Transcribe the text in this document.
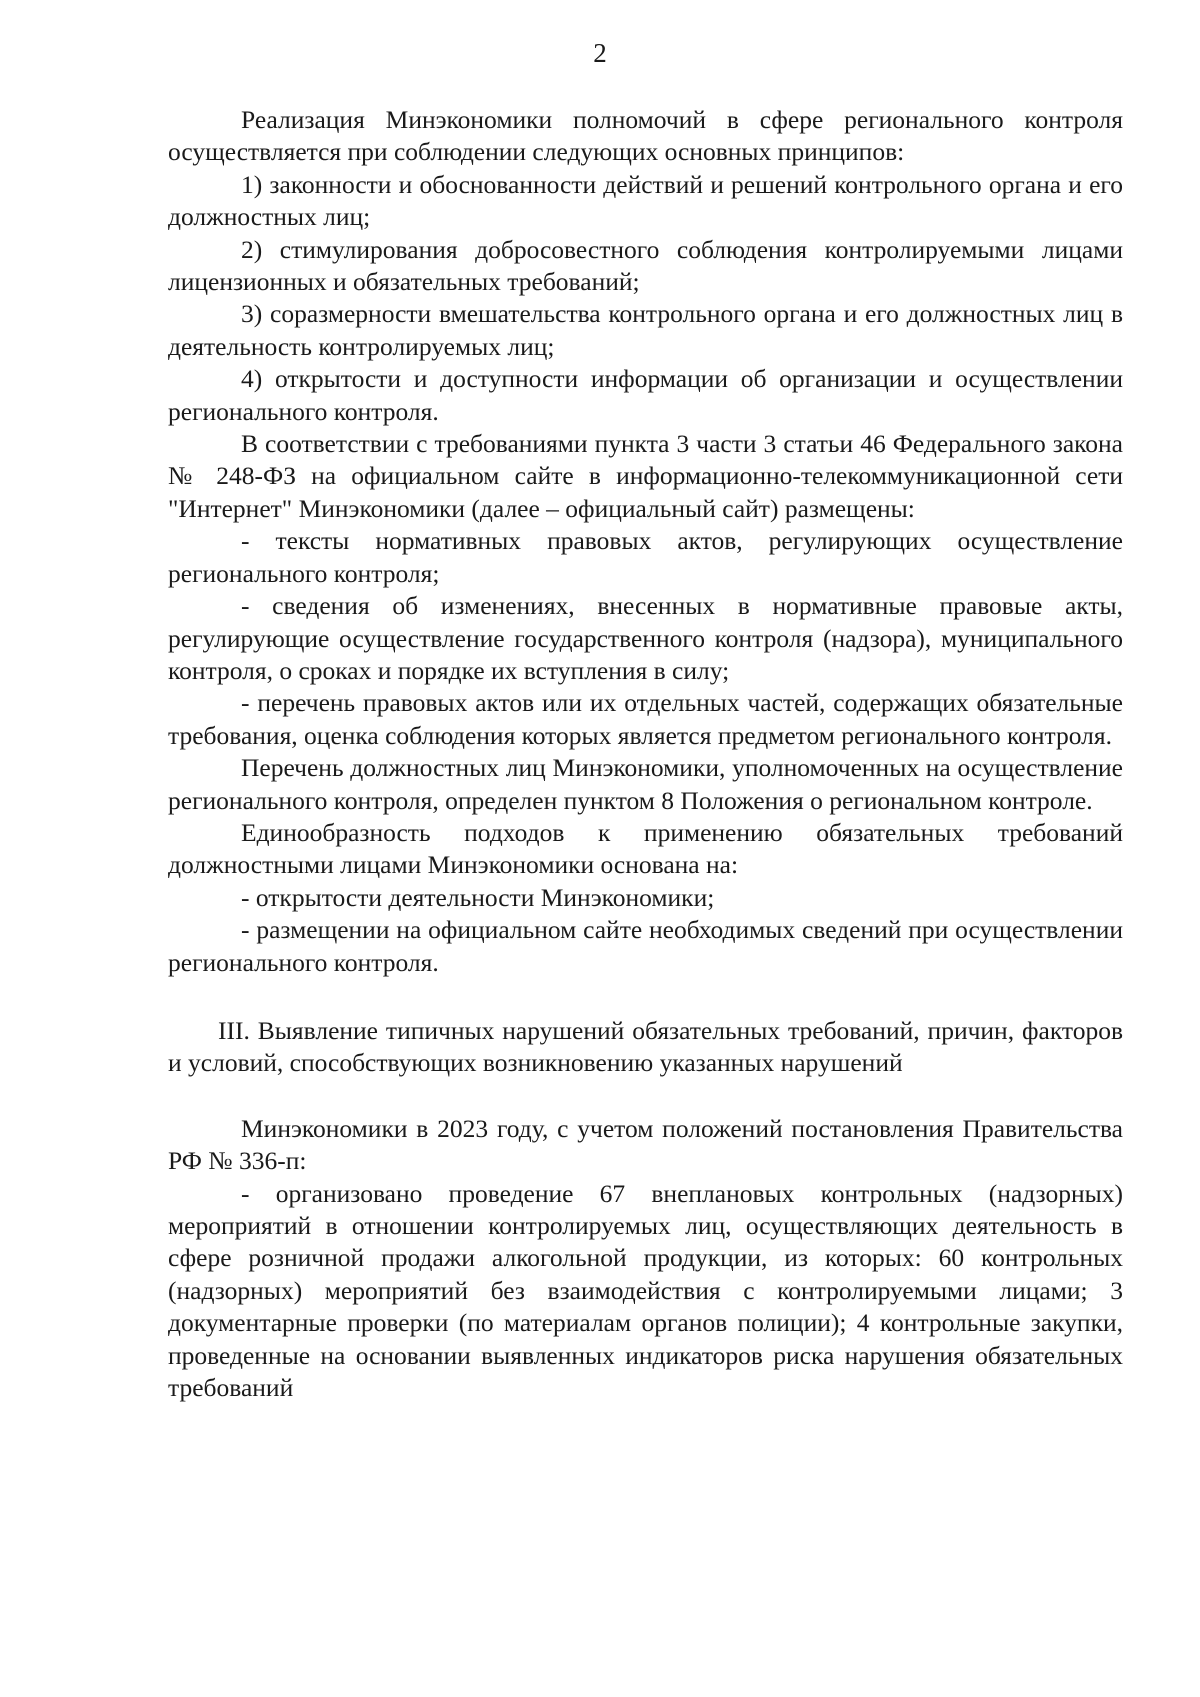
2

Реализация Минэкономики полномочий в сфере регионального контроля осуществляется при соблюдении следующих основных принципов:

1) законности и обоснованности действий и решений контрольного органа и его должностных лиц;

2) стимулирования добросовестного соблюдения контролируемыми лицами лицензионных и обязательных требований;

3) соразмерности вмешательства контрольного органа и его должностных лиц в деятельность контролируемых лиц;

4) открытости и доступности информации об организации и осуществлении регионального контроля.

В соответствии с требованиями пункта 3 части 3 статьи 46 Федерального закона № 248-ФЗ на официальном сайте в информационно-телекоммуникационной сети "Интернет" Минэкономики (далее – официальный сайт) размещены:

- тексты нормативных правовых актов, регулирующих осуществление регионального контроля;

- сведения об изменениях, внесенных в нормативные правовые акты, регулирующие осуществление государственного контроля (надзора), муниципального контроля, о сроках и порядке их вступления в силу;

- перечень правовых актов или их отдельных частей, содержащих обязательные требования, оценка соблюдения которых является предметом регионального контроля.

Перечень должностных лиц Минэкономики, уполномоченных на осуществление регионального контроля, определен пунктом 8 Положения о региональном контроле.

Единообразность подходов к применению обязательных требований должностными лицами Минэкономики основана на:

- открытости деятельности Минэкономики;

- размещении на официальном сайте необходимых сведений при осуществлении регионального контроля.

III. Выявление типичных нарушений обязательных требований, причин, факторов и условий, способствующих возникновению указанных нарушений

Минэкономики в 2023 году, с учетом положений постановления Правительства РФ № 336-п:

- организовано проведение 67 внеплановых контрольных (надзорных) мероприятий в отношении контролируемых лиц, осуществляющих деятельность в сфере розничной продажи алкогольной продукции, из которых: 60 контрольных (надзорных) мероприятий без взаимодействия с контролируемыми лицами; 3 документарные проверки (по материалам органов полиции); 4 контрольные закупки, проведенные на основании выявленных индикаторов риска нарушения обязательных требований
